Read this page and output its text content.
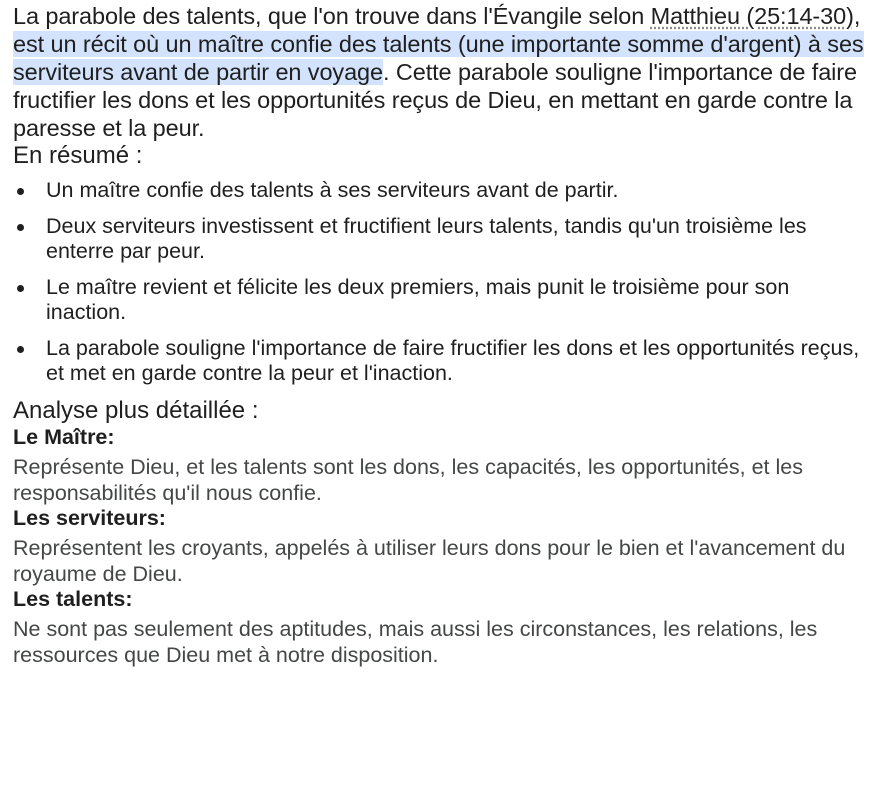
La parabole des talents, que l'on trouve dans l'Évangile selon Matthieu (25:14-30), est un récit où un maître confie des talents (une importante somme d'argent) à ses serviteurs avant de partir en voyage. Cette parabole souligne l'importance de faire fructifier les dons et les opportunités reçus de Dieu, en mettant en garde contre la paresse et la peur.

En résumé :
Un maître confie des talents à ses serviteurs avant de partir.
Deux serviteurs investissent et fructifient leurs talents, tandis qu'un troisième les enterre par peur.
Le maître revient et félicite les deux premiers, mais punit le troisième pour son inaction.
La parabole souligne l'importance de faire fructifier les dons et les opportunités reçus, et met en garde contre la peur et l'inaction.
Analyse plus détaillée :
Le Maître:

Représente Dieu, et les talents sont les dons, les capacités, les opportunités, et les responsabilités qu'il nous confie.

Les serviteurs:

Représentent les croyants, appelés à utiliser leurs dons pour le bien et l'avancement du royaume de Dieu.

Les talents:

Ne sont pas seulement des aptitudes, mais aussi les circonstances, les relations, les ressources que Dieu met à notre disposition.
